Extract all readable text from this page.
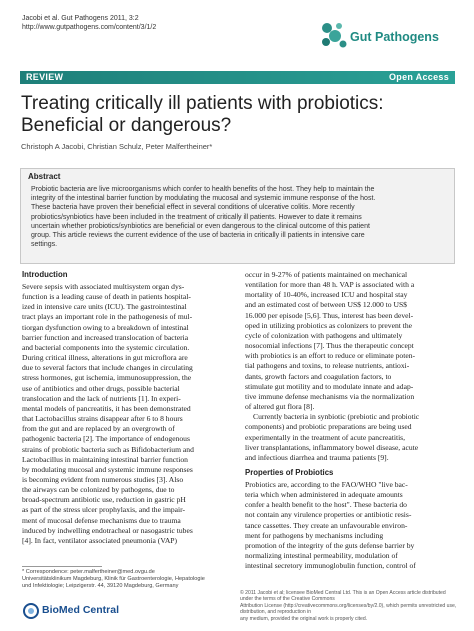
Jacobi et al. Gut Pathogens 2011, 3:2
http://www.gutpathogens.com/content/3/1/2
Gut Pathogens
REVIEW	Open Access
Treating critically ill patients with probiotics:
Beneficial or dangerous?
Christoph A Jacobi, Christian Schulz, Peter Malfertheiner*
Abstract
Probiotic bacteria are live microorganisms which confer to health benefits of the host. They help to maintain the
integrity of the intestinal barrier function by modulating the mucosal and systemic immune response of the host.
These bacteria have proven their beneficial effect in several conditions of ulcerative colitis. More recently
probiotics/synbiotics have been included in the treatment of critically ill patients. However to date it remains
uncertain whether probiotics/synbiotics are beneficial or even dangerous to the clinical outcome of this patient
group. This article reviews the current evidence of the use of bacteria in critically ill patients in intensive care
settings.
Introduction

Severe sepsis with associated multisystem organ dys-

function is a leading cause of death in patients hospital-

ized in intensive care units (ICU). The gastrointestinal

tract plays an important role in the pathogenesis of mul-

tiorgan dysfunction owing to a breakdown of intestinal

barrier function and increased translocation of bacteria

and bacterial components into the systemic circulation.

During critical illness, alterations in gut microflora are

due to several factors that include changes in circulating

stress hormones, gut ischemia, immunosuppression, the

use of antibiotics and other drugs, possible bacterial

translocation and the lack of nutrients [1]. In experi-

mental models of pancreatitis, it has been demonstrated

that Lactobacillus strains disappear after 6 to 8 hours

from the gut and are replaced by an overgrowth of

pathogenic bacteria [2]. The importance of endogenous

strains of probiotic bacteria such as Bifidobacterium and

Lactobacillus in maintaining intestinal barrier function

by modulating mucosal and systemic immune responses

is becoming evident from numerous studies [3]. Also

the airways can be colonized by pathogens, due to

broad-spectrum antibiotic use, reduction in gastric pH

as part of the stress ulcer prophylaxis, and the impair-

ment of mucosal defense mechanisms due to trauma

induced by indwelling endotracheal or nasogastric tubes

[4]. In fact, ventilator associated pneumonia (VAP)

occur in 9-27% of patients maintained on mechanical

ventilation for more than 48 h. VAP is associated with a

mortality of 10-40%, increased ICU and hospital stay

and an estimated cost of between US$ 12.000 to US$

16.000 per episode [5,6]. Thus, interest has been devel-

oped in utilizing probiotics as colonizers to prevent the

cycle of colonization with pathogens and ultimately

nosocomial infections [7]. Thus the therapeutic concept

with probiotics is an effort to reduce or eliminate poten-

tial pathogens and toxins, to release nutrients, antioxi-

dants, growth factors and coagulation factors, to

stimulate gut motility and to modulate innate and adap-

tive immune defense mechanisms via the normalization

of altered gut flora [8].

Currently bacteria in synbiotic (prebiotic and probiotic

components) and probiotic preparations are being used

experimentally in the treatment of acute pancreatitis,

liver transplantations, inflammatory bowel disease, acute

and infectious diarrhea and trauma patients [9].

Properties of Probiotics

Probiotics are, according to the FAO/WHO "live bac-

teria which when administered in adequate amounts

confer a health benefit to the host". These bacteria do

not contain any virulence properties or antibiotic resis-

tance cassettes. They create an unfavourable environ-

ment for pathogens by mechanisms including

promotion of the integrity of the guts defense barrier by

normalizing intestinal permeability, modulation of

intestinal secretory immunoglobulin function, control of

* Correspondence: peter.malfertheiner@med.ovgu.de
Universitätsklinikum Magdeburg, Klinik für Gastroenterologie, Hepatologie
und Infektiologie; Leipzigerstr. 44, 39120 Magdeburg, Germany
BioMed Central
© 2011 Jacobi et al; licensee BioMed Central Ltd. This is an Open Access article distributed under the terms of the Creative Commons
Attribution License (http://creativecommons.org/licenses/by/2.0), which permits unrestricted use, distribution, and reproduction in
any medium, provided the original work is properly cited.
